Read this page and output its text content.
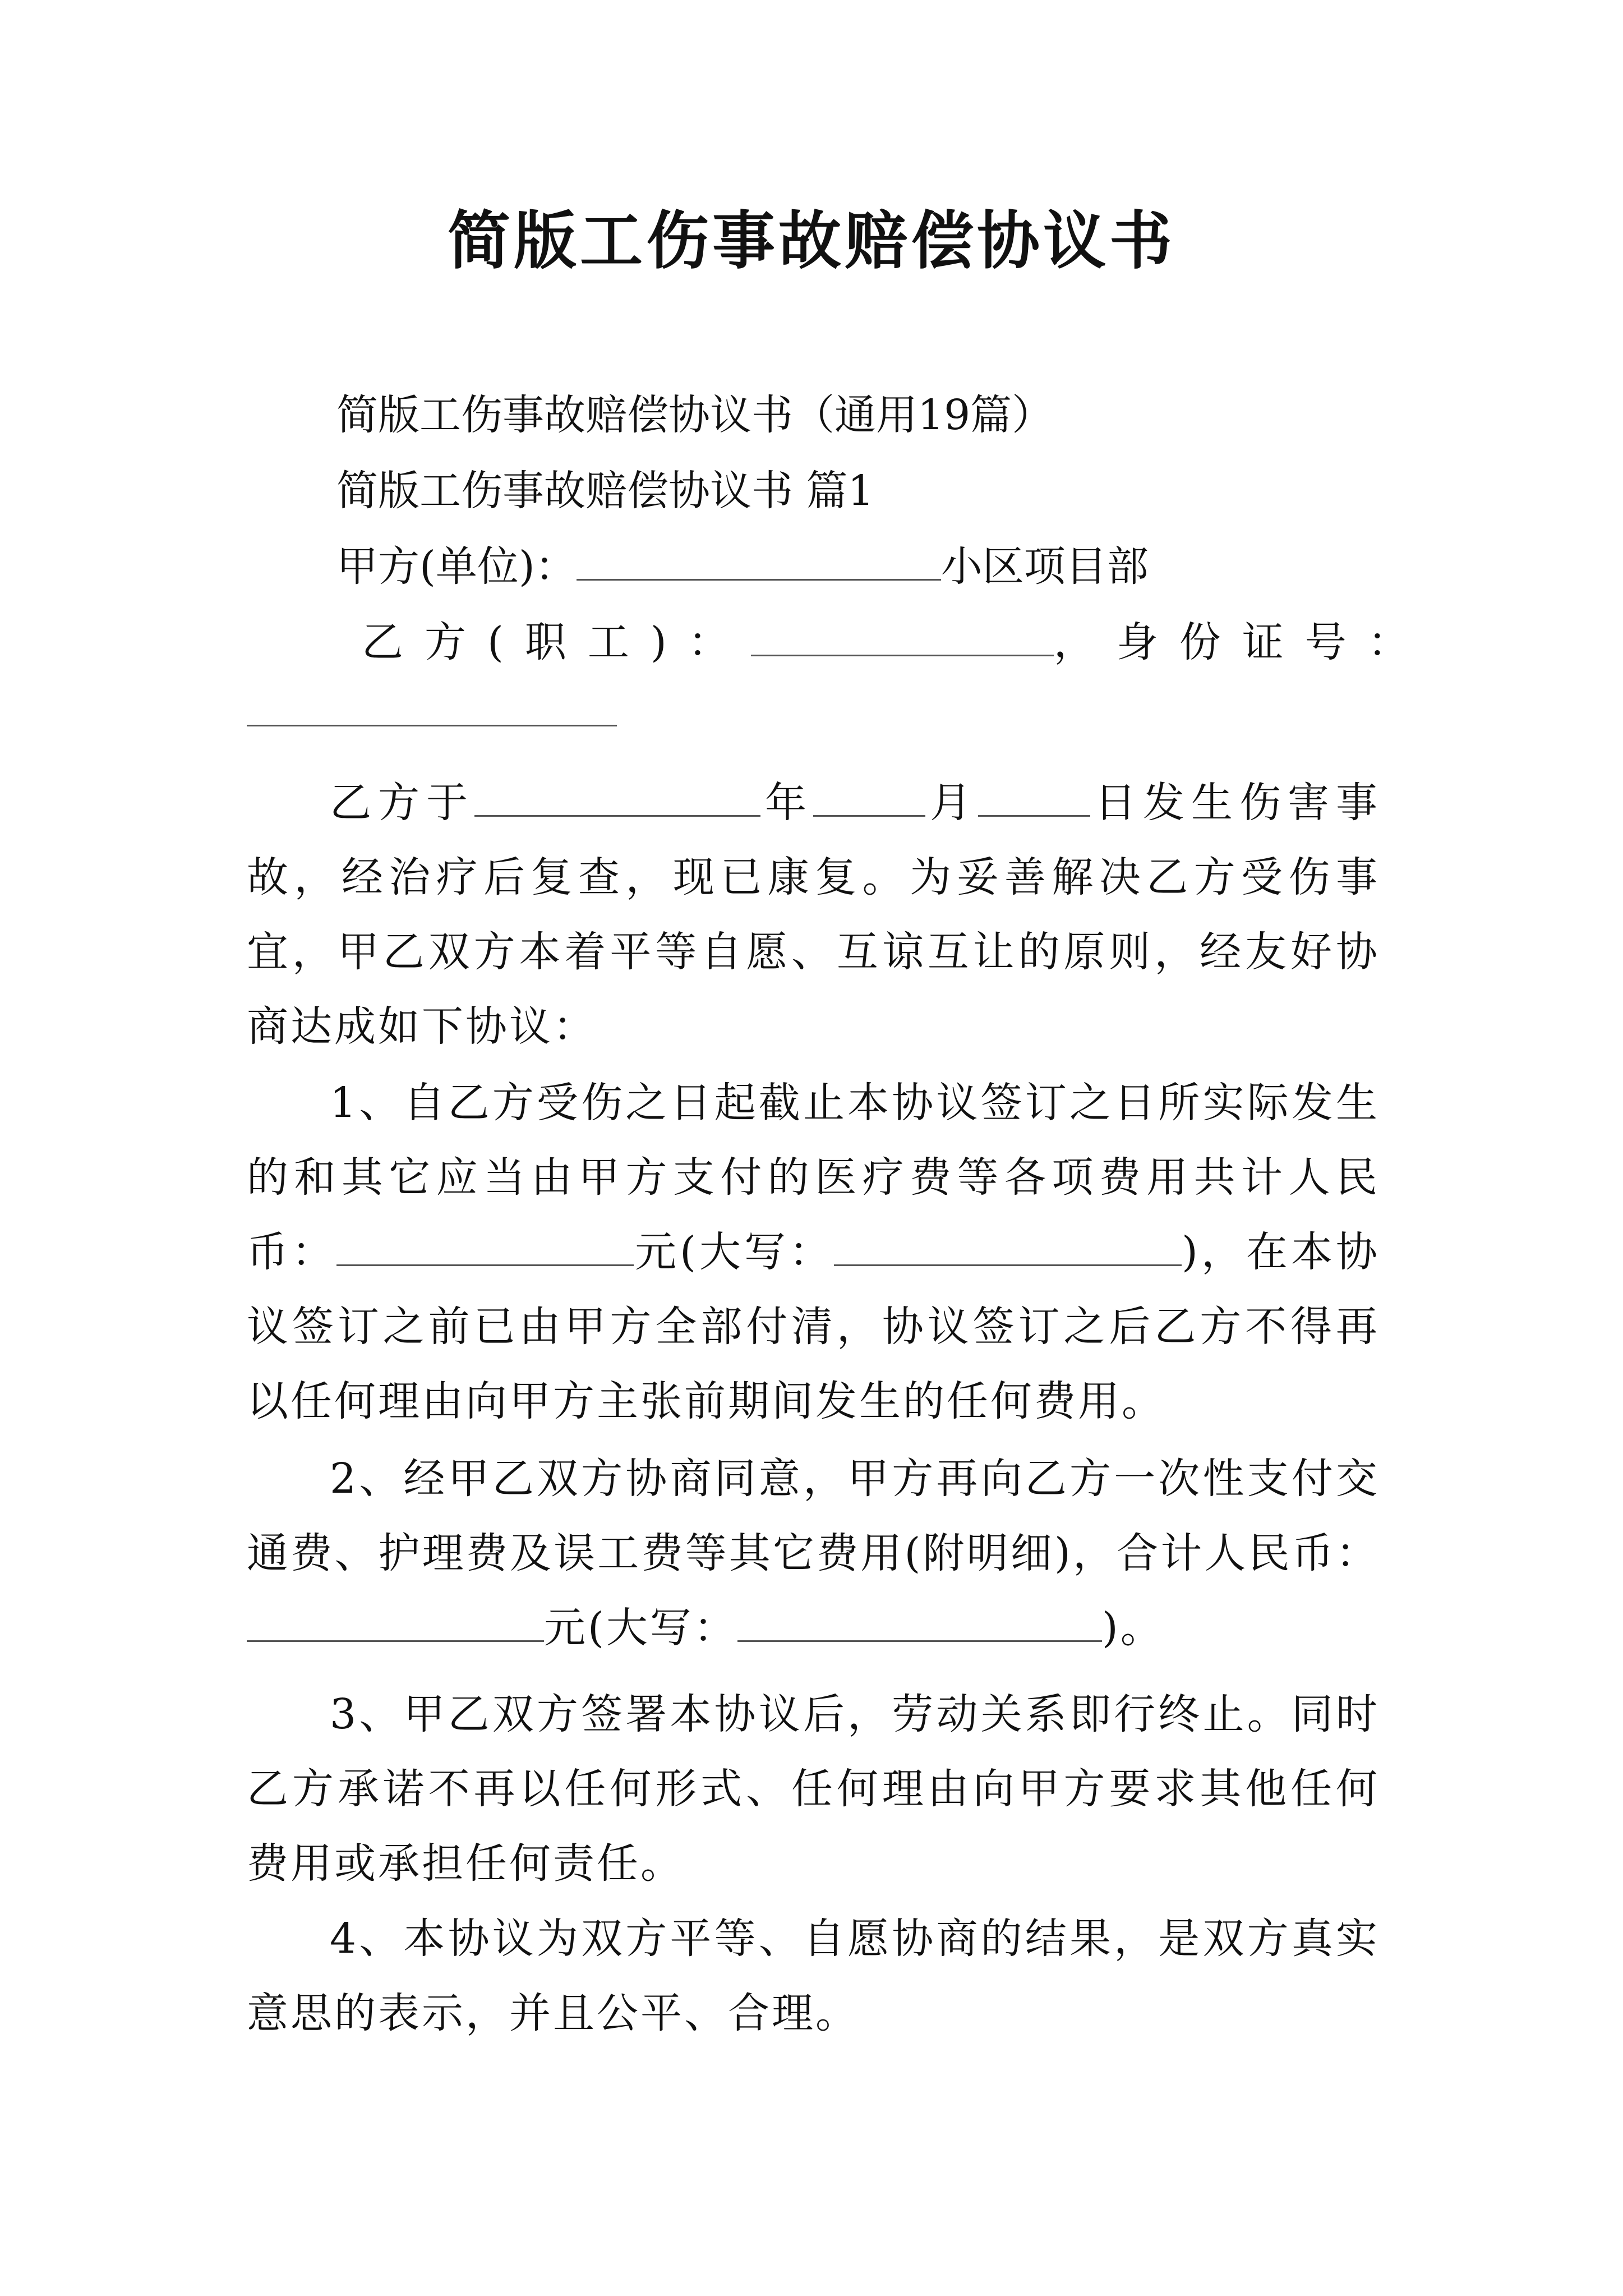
简版工伤事故赔偿协议书
简版工伤事故赔偿协议书（通用19篇）
简版工伤事故赔偿协议书 篇1
甲方(单位)：	小区项目部
乙方(职工)：	，身份证号：
乙方于	年	月	日发生伤害事故，经治疗后复查，现已康复。为妥善解决乙方受伤事宜，甲乙双方本着平等自愿、互谅互让的原则，经友好协商达成如下协议：
1、自乙方受伤之日起截止本协议签订之日所实际发生的和其它应当由甲方支付的医疗费等各项费用共计人民币：	元(大写：	)，在本协议签订之前已由甲方全部付清，协议签订之后乙方不得再以任何理由向甲方主张前期间发生的任何费用。
2、经甲乙双方协商同意，甲方再向乙方一次性支付交通费、护理费及误工费等其它费用(附明细)，合计人民币：元(大写：	)。
3、甲乙双方签署本协议后，劳动关系即行终止。同时乙方承诺不再以任何形式、任何理由向甲方要求其他任何费用或承担任何责任。
4、本协议为双方平等、自愿协商的结果，是双方真实意思的表示，并且公平、合理。
